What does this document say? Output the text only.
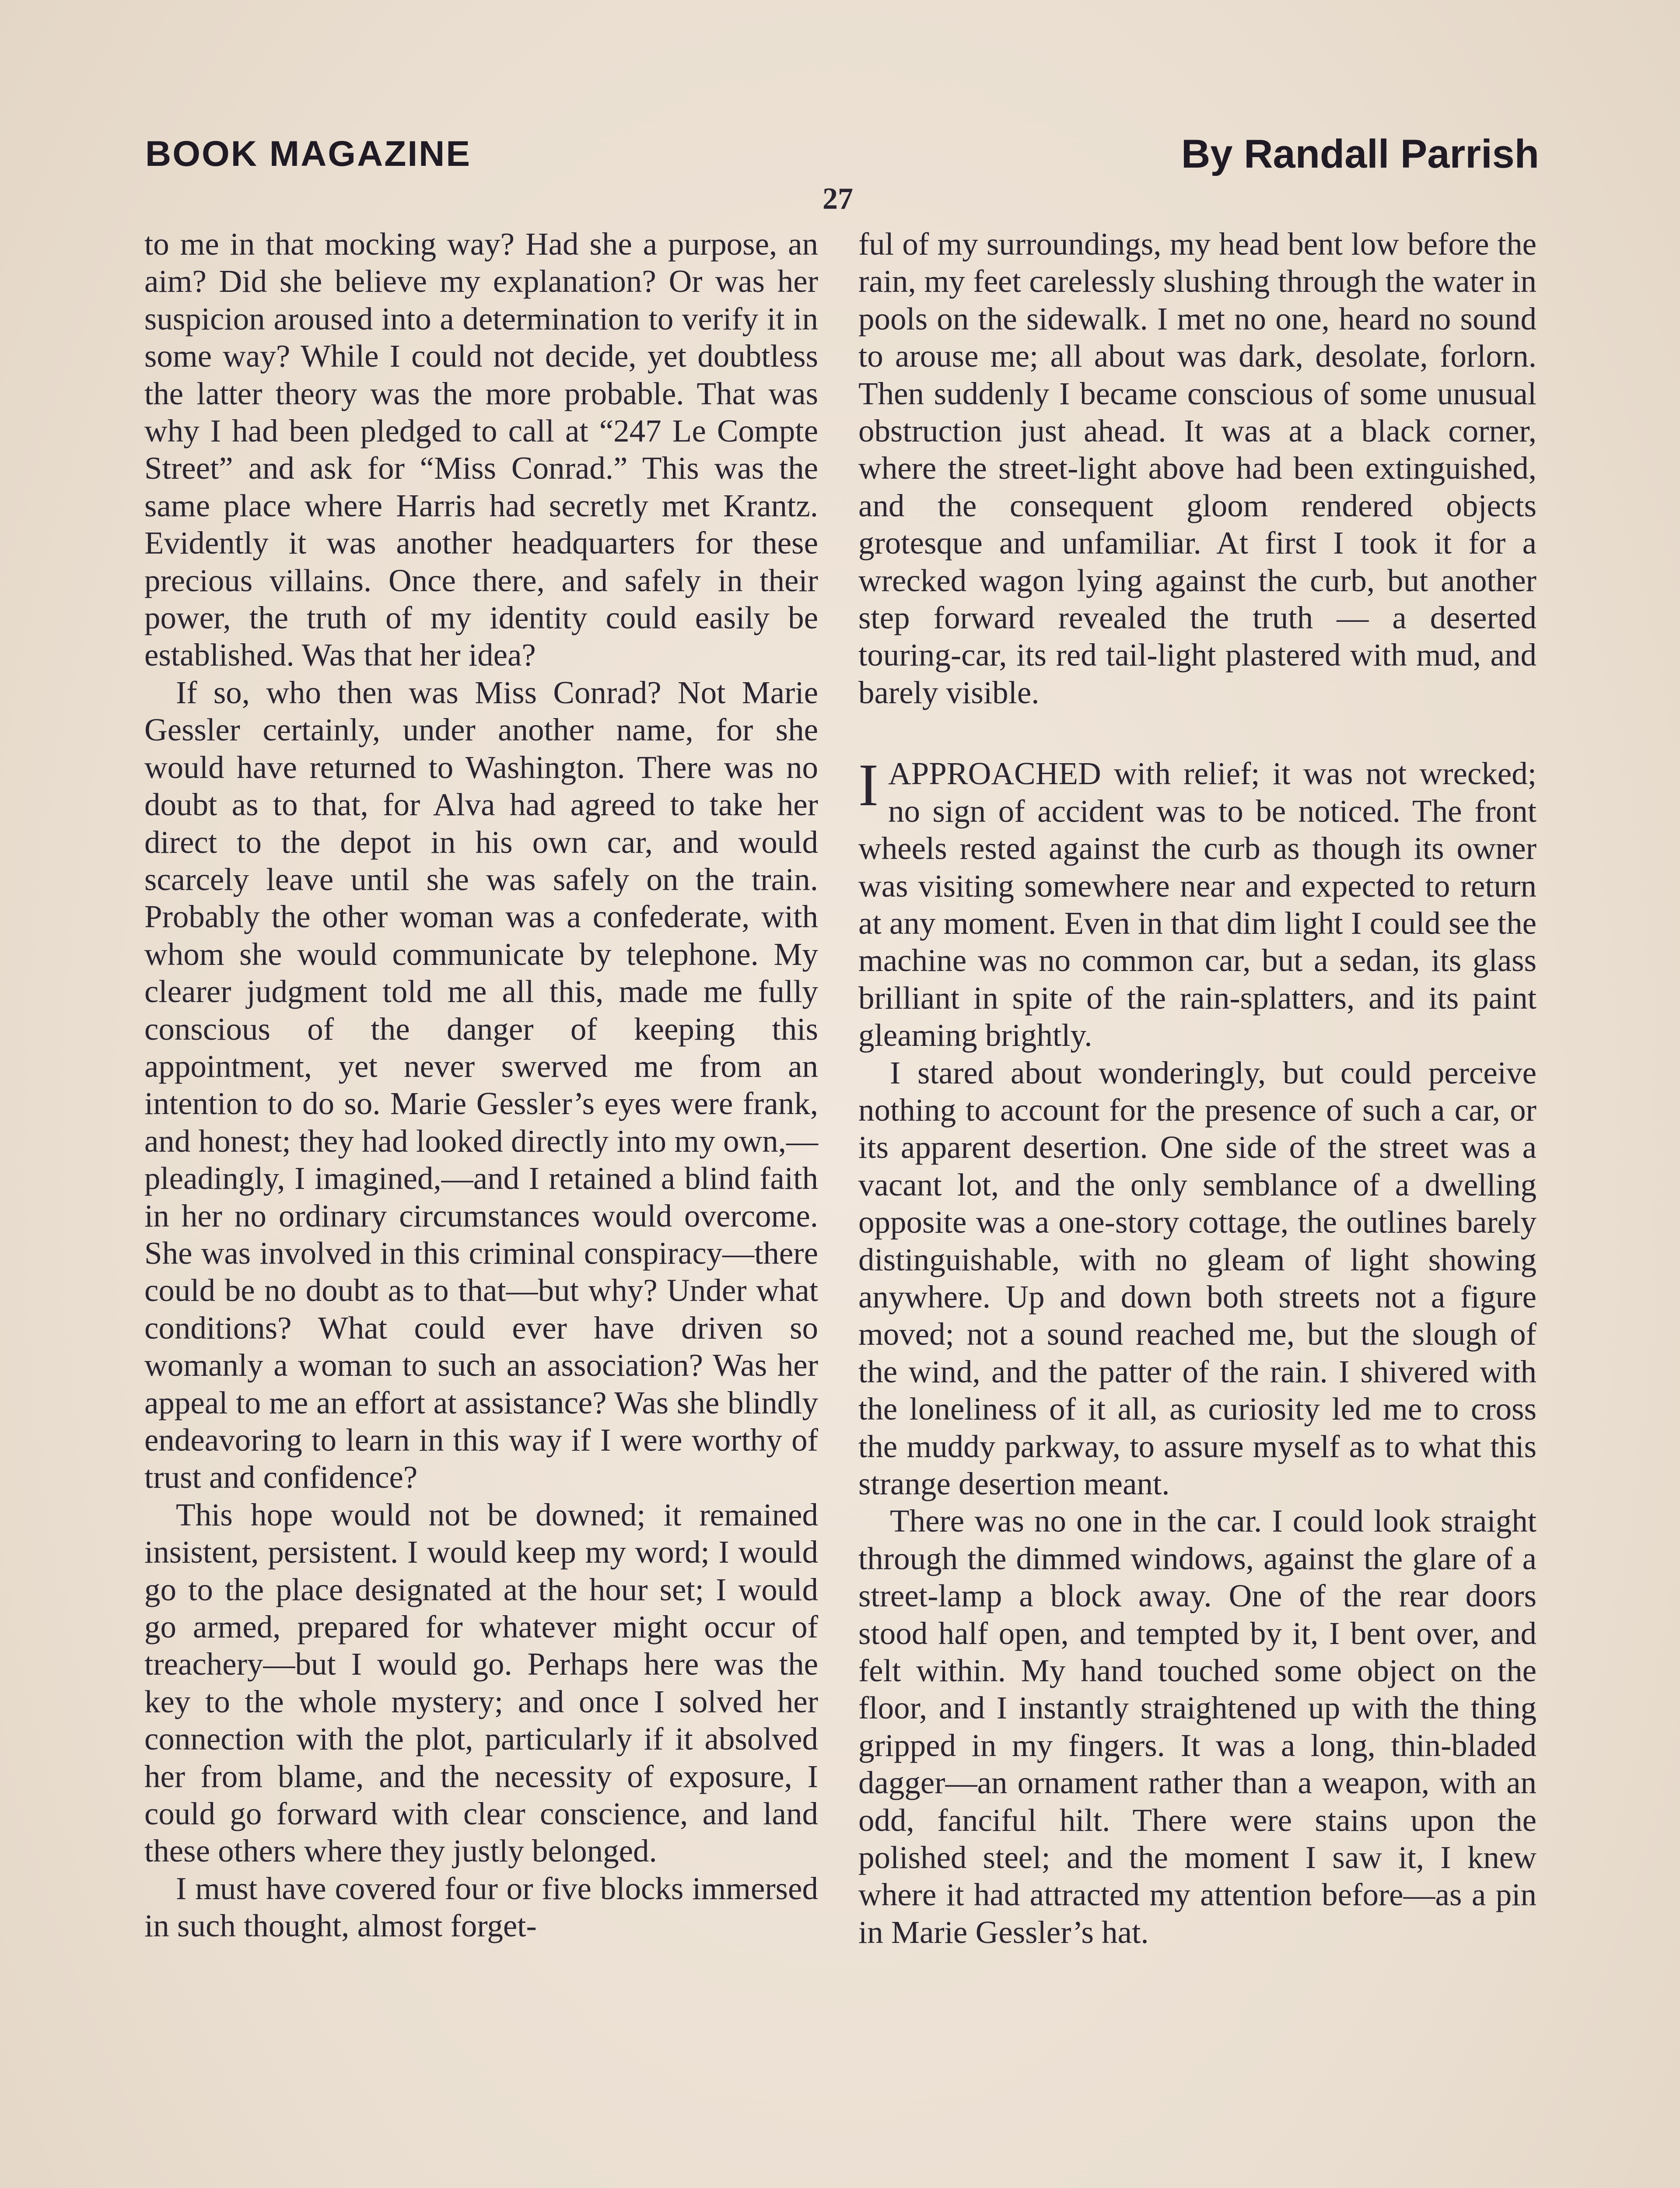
BOOK MAGAZINE	By Randall Parrish
27

to me in that mocking way? Had she a purpose, an aim? Did she believe my explanation? Or was her suspicion aroused into a determination to verify it in some way? While I could not decide, yet doubtless the latter theory was the more probable. That was why I had been pledged to call at “247 Le Compte Street” and ask for “Miss Conrad.” This was the same place where Harris had secretly met Krantz. Evidently it was another headquarters for these precious villains. Once there, and safely in their power, the truth of my identity could easily be established. Was that her idea?

If so, who then was Miss Conrad? Not Marie Gessler certainly, under another name, for she would have returned to Washington. There was no doubt as to that, for Alva had agreed to take her direct to the depot in his own car, and would scarcely leave until she was safely on the train. Probably the other woman was a confederate, with whom she would communicate by telephone. My clearer judgment told me all this, made me fully conscious of the danger of keeping this appointment, yet never swerved me from an intention to do so. Marie Gessler’s eyes were frank, and honest; they had looked directly into my own,—pleadingly, I imagined,—and I retained a blind faith in her no ordinary circumstances would overcome. She was involved in this criminal conspiracy—there could be no doubt as to that—but why? Under what conditions? What could ever have driven so womanly a woman to such an association? Was her appeal to me an effort at assistance? Was she blindly endeavoring to learn in this way if I were worthy of trust and confidence?

This hope would not be downed; it remained insistent, persistent. I would keep my word; I would go to the place designated at the hour set; I would go armed, prepared for whatever might occur of treachery—but I would go. Perhaps here was the key to the whole mystery; and once I solved her connection with the plot, particularly if it absolved her from blame, and the necessity of exposure, I could go forward with clear conscience, and land these others where they justly belonged.

I must have covered four or five blocks immersed in such thought, almost forget-

ful of my surroundings, my head bent low before the rain, my feet carelessly slushing through the water in pools on the sidewalk. I met no one, heard no sound to arouse me; all about was dark, desolate, forlorn. Then suddenly I became conscious of some unusual obstruction just ahead. It was at a black corner, where the street-light above had been extinguished, and the consequent gloom rendered objects grotesque and unfamiliar. At first I took it for a wrecked wagon lying against the curb, but another step forward revealed the truth — a deserted touring-car, its red tail-light plastered with mud, and barely visible.

IAPPROACHED with relief; it was not wrecked; no sign of accident was to be noticed. The front wheels rested against the curb as though its owner was visiting somewhere near and expected to return at any moment. Even in that dim light I could see the machine was no common car, but a sedan, its glass brilliant in spite of the rain-splatters, and its paint gleaming brightly.

I stared about wonderingly, but could perceive nothing to account for the presence of such a car, or its apparent desertion. One side of the street was a vacant lot, and the only semblance of a dwelling opposite was a one-story cottage, the outlines barely distinguishable, with no gleam of light showing anywhere. Up and down both streets not a figure moved; not a sound reached me, but the slough of the wind, and the patter of the rain. I shivered with the loneliness of it all, as curiosity led me to cross the muddy parkway, to assure myself as to what this strange desertion meant.

There was no one in the car. I could look straight through the dimmed windows, against the glare of a street-lamp a block away. One of the rear doors stood half open, and tempted by it, I bent over, and felt within. My hand touched some object on the floor, and I instantly straightened up with the thing gripped in my fingers. It was a long, thin-bladed dagger—an ornament rather than a weapon, with an odd, fanciful hilt. There were stains upon the polished steel; and the moment I saw it, I knew where it had attracted my attention before—as a pin in Marie Gessler’s hat.
